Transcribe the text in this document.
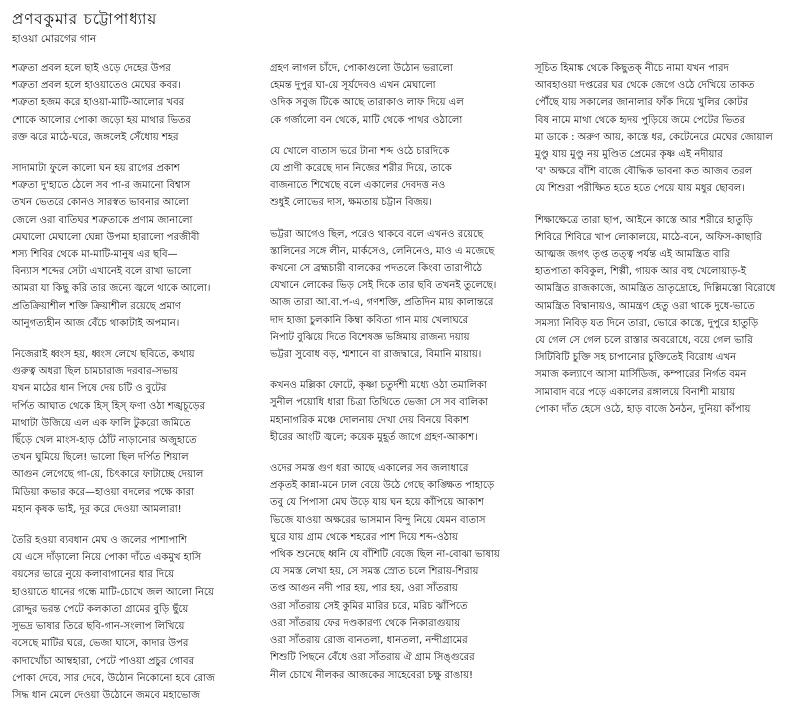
প্রণবকুমার চট্টোপাধ্যায়
হাওয়া মোরগের গান
শত্রুতা প্রবল হলে ছাই ওড়ে দেহের উপর
শত্রুতা প্রবল হলে হাওয়াতেও মেঘের কবর।
শত্রুতা হজম করে হাওয়া-মাটি-আলোর খবর
শোকে আলোর পোকা জড়ো হয় মাথার ভিতর
রক্ত ঝরে মাঠে-ঘরে, জঙ্গলেই সেঁধোয় শহর
সাদামাটা ফুলে কালো ঘন হয় রাগের প্রকাশ
শত্রুতা দু'হাতে ঠেলে সব পা-র জমানো বিশ্বাস
তখন ভেতরে কোনও সারস্বত ভাবনার আলো
জেলে ওরা বাতিঘর শত্রুতাকে প্রণাম জানালো
মেঘালো মেঘালো ঘেন্না উপমা হারালো পরজীবী
শস্য শিবির থেকে মা-মাটি-মানুষ এর ছবি—
বিন্যাস শব্দের সেটা এখানেই বলে রাখা ভালো
আমরা যা কিছু করি তার জন্যে জ্বলে থাকে আলো।
প্রতিক্রিয়াশীল শক্তি ক্রিয়াশীল রয়েছে প্রমাণ
আনুগত্যহীন আজ বেঁচে থাকাটাই অপমান।
নিজেরাই ধ্বংস হয়, ধ্বংস লেখে ছবিতে, কথায়
গুরুত্ব অধরা ছিল চামচারাজ দরবার-সভায়
যখন মাঠের ধান পিষে দেয় চটি ও বুটের
দর্পিত আঘাত থেকে হিস্ হিস্ ফণা ওঠা শঙ্খচূড়ের
মাথাটা উজিয়ে এল এক ফালি টুকরো জমিতে
ছিঁড়ে খেল মাংস-হাড় ঠোঁট নাড়ানোর অজুহাতে
তখন ঘুমিয়ে ছিলে! ভালো ছিল দর্পিত শিয়াল
আগুন লেগেছে গা-য়ে, চিৎকারে ফাটাচ্ছে দেয়াল
মিডিয়া কভার করে—হাওয়া বদলের পক্ষে কারা
মহান কৃষক ভাই, দূর করে দেওয়া আমলারা!
তৈরি হওয়া ব্যবধান মেঘ ও জলের পাশাপাশি
যে এসে দাঁড়ালো নিয়ে পোকা দাঁতে একমুখ হাসি
বয়সের ভারে নুয়ে কলাবাগানের ধার দিয়ে
হাওয়াতে ধানের গন্ধে মাটি-চোখে জল আলো নিয়ে
রোদ্দুর ভরন্ত পেটে কলকাতা গ্রামের বুড়ি ছুঁয়ে
সুভদ্র ভাষার তিরে ছবি-গান-সংলাপ লিখিয়ে
বসেছে মাটির ঘরে, ভেজা ঘাসে, কাদার উপর
কাদাখোঁচা আম্বহারা, পেটে পাওয়া প্রচুর গোবর
পোকা দেবে, সার দেবে, উঠোন নিকোনো হবে রোজ
সিদ্ধ ধান মেলে দেওয়া উঠোনে জমবে মহাভোজ
গ্রহণ লাগল চাঁদে, পোকাগুলো উঠোন ভরালো
হেমন্ত দুপুর ঘা-য়ে সূর্যদেবও এখন মেঘালো
ওদিক সবুজ টিকে আছে তারাকাও লাফ দিয়ে এল
কে গর্জালো বন থেকে, মাটি থেকে পাথর ওঠালো
যে খোলে বাতাস ভরে টানা শব্দ ওঠে চারদিকে
যে প্রাণী করেছে দান নিজের শরীর দিয়ে, তাকে
বাজনাতে শিখেছে বলে একালের দেবদত্ত নও
শুধুই লোভের দাস, ক্ষমতায় চট্টান বিজয়।
ভট্টরা আগেও ছিল, পরেও থাকবে বলে এখনও রয়েছে
স্তালিনের সঙ্গে লীন, মার্কসেও, লেনিনেও, মাও এ মজেছে
কখনো সে ব্রহ্মচারী বালকের পদতলে কিংবা তারাপীঠে
যেখানে লোকের ভিড় সেই দিকে তার ছবি তখনই তুলেছে।
আজ তারা আ.বা.প-এ, গণশক্তি, প্রতিদিন মায় কালান্তরে
দাদ হাজা চুলকানি কিম্বা কবিতা গান মায় খেলাঘরে
নিপাট বুঝিয়ে দিতে বিশেষজ্ঞ ভঙ্গিমায় রাজন্য দয়ায়
ভট্টরা সুবোধ বড়, শ্মশানে বা রাজদ্বারে, বিমানি মায়ায়।
কখনও মল্লিকা ফোটে, কৃষ্ণা চতুর্দশী মধ্যে ওঠা তমালিকা
সুনীল পয়োধি ধারা চিত্রা তিথিতে ভেজা সে সব বালিকা
মহানাগরিক মঞ্চে দোলনায় দেখা দেয় বিনয়ে বিকাশ
হীরের আংটি জ্বলে; কয়েক মুহূর্ত জাগে গ্রহণ-আকাশ।
ওদের সমস্ত গুণ ধরা আছে একালের সব জলাধারে
প্রকৃতই কান্না-মনে ঢাল বেয়ে উঠে গেছে কাঙ্ক্ষিত পাহাড়ে
তবু যে পিপাসা মেঘ উড়ে যায় ঘন হয়ে কাঁপিয়ে আকাশ
ভিজে যাওয়া অক্ষরের ভাসমান বিন্দু নিয়ে যেমন বাতাস
ঘুরে যায় গ্রাম থেকে শহরের পাশ দিয়ে শব্দ-ওঠায়
পথিক শুনেছে ধ্বনি যে বাঁশিটি বেজে ছিল না-বোঝা ভাষায়
যে সমস্ত লেখা হয়, সে সমস্ত স্রোত চলে শিরায়-শিরায়
তপ্ত আগুন নদী পার হয়, পার হয়, ওরা সাঁতরায়
ওরা সাঁতরায় সেই কুমির মারির চরে, মরিচ ঝাঁপিতে
ওরা সাঁতরায় ফের দণ্ডকারণ্য থেকে নিকারাগুয়ায়
ওরা সাঁতরায় রোজ বানতলা, ধানতলা, নন্দীগ্রামের
শিশুটি পিছনে বেঁধে ওরা সাঁতরায় ঐ গ্রাম সিঙ্গুরের
নীল চোখে নীলকর আজকের সাহেবেরা চক্ষু রাঙায়!
সূচিত হিমাঙ্ক থেকে কিছুতক্ নীচে নামা যখন পারদ
আবহাওয়া দপ্তরের ঘর থেকে জেগে ওঠে দেখিয়ে তাকত
পৌঁছে যায় সকালের জানালার ফাঁক দিয়ে খুলির কোটর
বিষ নামে মাথা থেকে হৃদয় পুড়িয়ে জমে পেটের ভিতর
মা ডাকে : অরুণ আয়, কাস্তে ধর, কেটেনেরে মেঘের জোয়াল
মুণ্ডু যায় মুণ্ডু নয় মুণ্ডিত প্রেমের কৃষ্ণ এই নদীয়ার
'ব' অক্ষরে বাঁশি বাজে বৌদ্ধিক ভাবনা কত আজব তরল
যে শিশুরা পরীক্ষিত হতে হতে পেয়ে যায় মধুর ছোবল।
শিক্ষাক্ষেত্রে তারা ছাপ, আইনে কাস্তে আর শরীরে হাতুড়ি
শিবিরে শিবিরে খাপ লোকালয়ে, মাঠে-বনে, অফিস-কাছারি
আত্মজ জগৎ তৃপ্ত তত্ত্ব পর্যন্ত এই আমন্ত্রিত বারি
হাতপাতা কবিকুল, শিল্পী, গায়ক আর বহু খেলোয়াড়-ই
আমন্ত্রিত রাজকাজে, আমন্ত্রিত ভ্রাতৃদ্রোহে, দিল্লিমস্তো বিরোধে
আমন্ত্রিত বিদ্বানায়ও, আমন্ত্রণ হেতু ওরা থাকে দুধে-ভাতে
সমস্যা নিবিড় যত দিনে তারা, ভোরে কাস্তে, দুপুরে হাতুড়ি
যে গেল সে গেল চলে রাস্তার অবরোধে, বয়ে গেল ভারি
সিটিবিটি চুক্তি সহ চাপানোর চুক্তিতেই বিরোধ এখন
সমাজ কল্যাণে আসা মার্সিডিজ, কম্পারের নির্গত বমন
সামাবাদ বরে পড়ে একালের রঙ্গালয়ে বিনাশী মায়ায়
পোকা দাঁত হেসে ওঠে, হাড় বাজে ঠনঠন, দুনিয়া কাঁপায়
